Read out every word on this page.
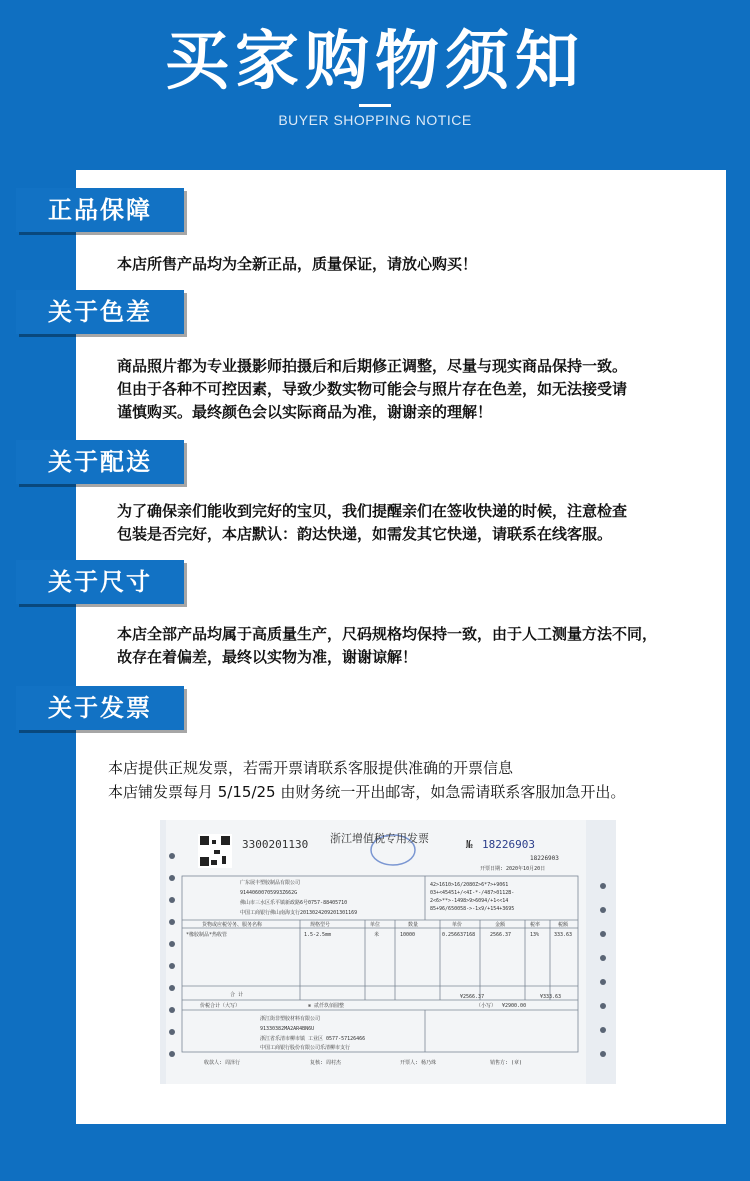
买家购物须知
BUYER SHOPPING NOTICE
正品保障
本店所售产品均为全新正品，质量保证，请放心购买！
关于色差
商品照片都为专业摄影师拍摄后和后期修正调整，尽量与现实商品保持一致。
但由于各种不可控因素，导致少数实物可能会与照片存在色差，如无法接受请
谨慎购买。最终颜色会以实际商品为准，谢谢亲的理解！
关于配送
为了确保亲们能收到完好的宝贝，我们提醒亲们在签收快递的时候，注意检查
包装是否完好，本店默认：韵达快递，如需发其它快递，请联系在线客服。
关于尺寸
本店全部产品均属于高质量生产，尺码规格均保持一致，由于人工测量方法不同，
故存在着偏差，最终以实物为准，谢谢谅解！
关于发票
本店提供正规发票，若需开票请联系客服提供准确的开票信息
本店铺发票每月 5/15/25 由财务统一开出邮寄，如急需请联系客服加急开出。
3300201130 浙江增值税专用发票	№ 18226903
18226903
开票日期: 2020年10月20日
广东展丰塑胶制品有限公司
91440600705993Z662G
佛山市三水区乐平镇新政路6号0757-88405710
中国工商银行佛山南海支行2013024209201301169
42>1610>16/2080Z>6*7>+9061
03+<45451+/<4I-*-/487>0112B-
2<6>**>-1498>9>6094/+1<<14
85+96/650058->-1x9/+154+3695
货物或应税劳务、服务名称	规格型号	单位	数量	单价	金额	税率	税额
*橡胶制品*热收管	1.5-2.5mm	米	10000	0.256637168	2566.37	13%	333.63
合 计	¥2566.37	¥333.63
价税合计（大写）	⊗ 贰仟玖佰圆整	（小写） ¥2900.00
浙江街非塑胶材料有限公司
91330382MA2AR4BN6U
浙江省乐清市柳市镇 工业区 0577-57126466
中国工商银行股份有限公司乐清柳市支行
收款人: 周泽行	复核: 周村杰	开票人: 杨乃珠	销售方: (章)
